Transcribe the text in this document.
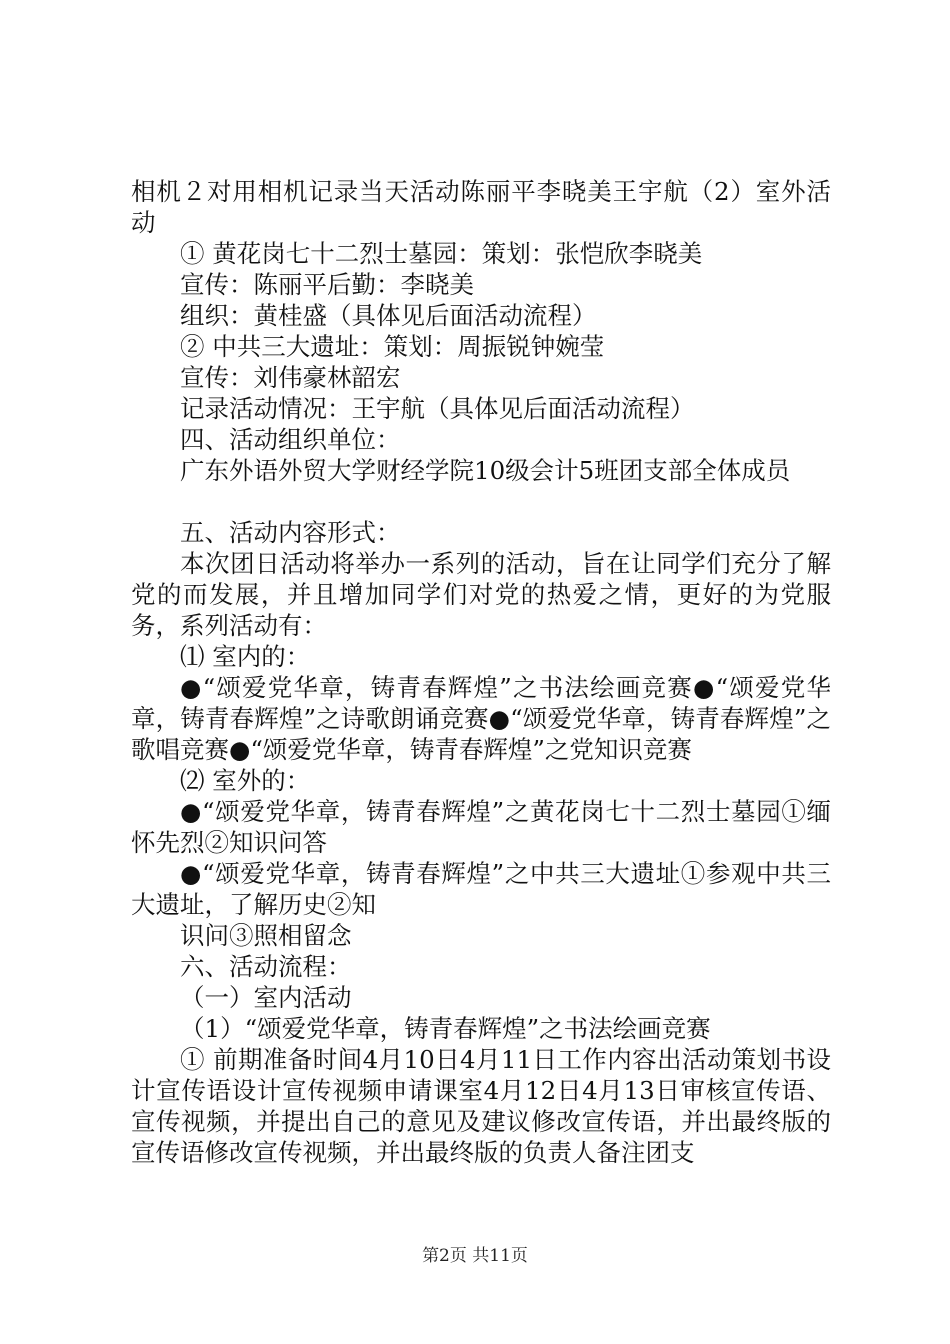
相机２对用相机记录当天活动陈丽平李晓美王宇航（2）室外活动

① 黄花岗七十二烈士墓园：策划：张恺欣李晓美

宣传：陈丽平后勤：李晓美

组织：黄桂盛（具体见后面活动流程）

② 中共三大遗址：策划：周振锐钟婉莹

宣传：刘伟豪林韶宏

记录活动情况：王宇航（具体见后面活动流程）

四、活动组织单位：

广东外语外贸大学财经学院10级会计5班团支部全体成员

五、活动内容形式：

本次团日活动将举办一系列的活动，旨在让同学们充分了解党的而发展，并且增加同学们对党的热爱之情，更好的为党服务，系列活动有：

⑴ 室内的：

●“颂爱党华章，铸青春辉煌”之书法绘画竞赛●“颂爱党华章，铸青春辉煌”之诗歌朗诵竞赛●“颂爱党华章，铸青春辉煌”之歌唱竞赛●“颂爱党华章，铸青春辉煌”之党知识竞赛

⑵ 室外的：

●“颂爱党华章，铸青春辉煌”之黄花岗七十二烈士墓园①缅怀先烈②知识问答

●“颂爱党华章，铸青春辉煌”之中共三大遗址①参观中共三大遗址，了解历史②知

识问③照相留念

六、活动流程：

（一）室内活动

（1）“颂爱党华章，铸青春辉煌”之书法绘画竞赛

① 前期准备时间4月10日4月11日工作内容出活动策划书设计宣传语设计宣传视频申请课室4月12日4月13日审核宣传语、宣传视频，并提出自己的意见及建议修改宣传语，并出最终版的宣传语修改宣传视频，并出最终版的负责人备注团支

第2页 共11页
